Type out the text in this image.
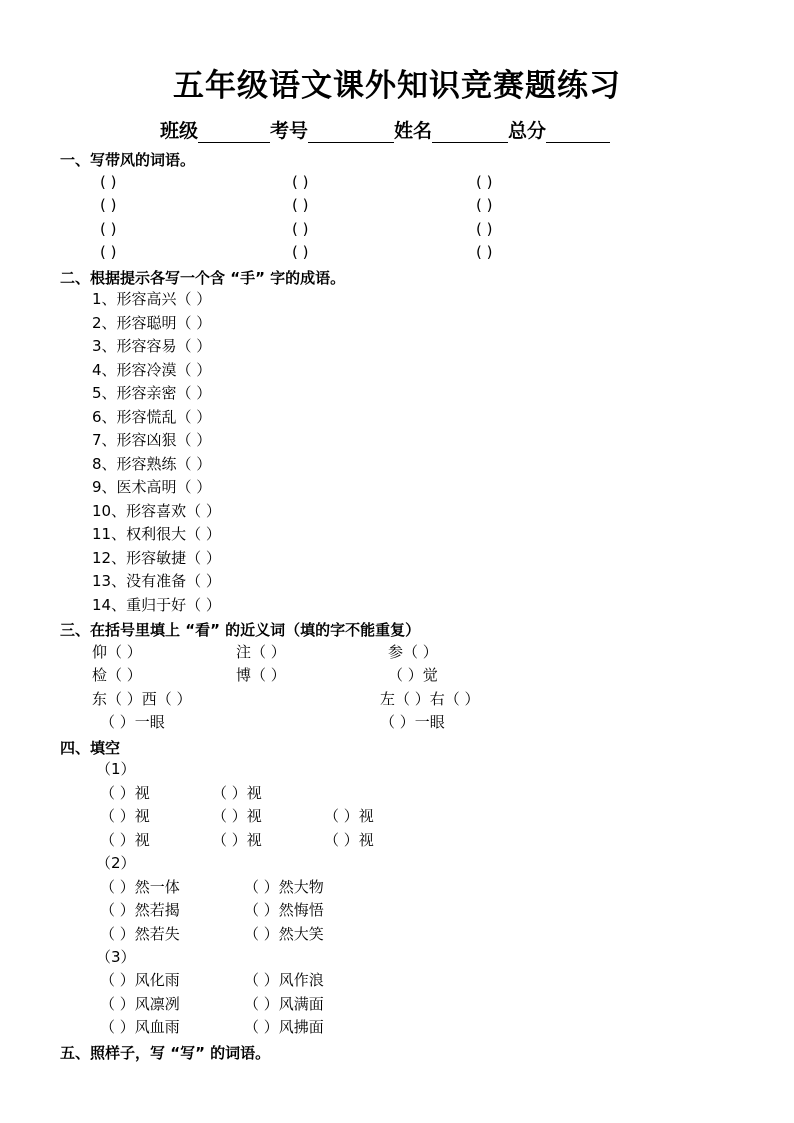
五年级语文课外知识竞赛题练习
班级	考号	姓名	总分
一、写带风的词语。
( )	( )	( )
( )	( )	( )
( )	( )	( )
( )	( )	( )
二、根据提示各写一个含 “手” 字的成语。
1、形容高兴（ ）
2、形容聪明（ ）
3、形容容易（ ）
4、形容冷漠（ ）
5、形容亲密（ ）
6、形容慌乱（ ）
7、形容凶狠（ ）
8、形容熟练（ ）
9、医术高明（ ）
10、形容喜欢（ ）
11、权利很大（ ）
12、形容敏捷（ ）
13、没有准备（ ）
14、重归于好（ ）
三、在括号里填上 “看” 的近义词（填的字不能重复）
仰（ ）	注（ ）	参（ ）
检（ ）	博（ ）	（ ）觉
东（ ）西（ ）	左（ ）右（ ）
（ ）一眼	（ ）一眼
四、填空
（1）
（ ）视	（ ）视
（ ）视	（ ）视	（ ）视
（ ）视	（ ）视	（ ）视
（2）
（ ）然一体	（ ）然大物
（ ）然若揭	（ ）然悔悟
（ ）然若失	（ ）然大笑
（3）
（ ）风化雨	（ ）风作浪
（ ）风凛冽	（ ）风满面
（ ）风血雨	（ ）风拂面
五、照样子，写 “写” 的词语。
